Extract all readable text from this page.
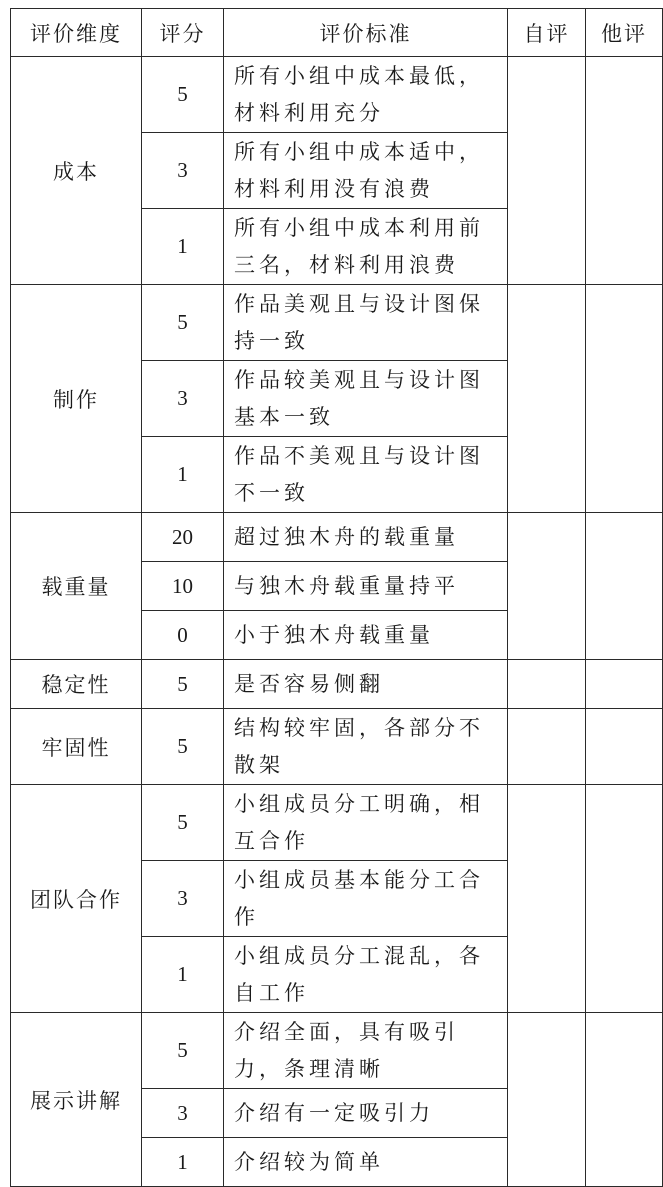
评价维度	评分	评价标准	自评	他评
成本	5	所有小组中成本最低，材料利用充分		
	3	所有小组中成本适中，材料利用没有浪费		
	1	所有小组中成本利用前三名，材料利用浪费		
制作	5	作品美观且与设计图保持一致		
	3	作品较美观且与设计图基本一致		
	1	作品不美观且与设计图不一致		
载重量	20	超过独木舟的载重量		
	10	与独木舟载重量持平		
	0	小于独木舟载重量		
稳定性	5	是否容易侧翻		
牢固性	5	结构较牢固，各部分不散架		
团队合作	5	小组成员分工明确，相互合作		
	3	小组成员基本能分工合作		
	1	小组成员分工混乱，各自工作		
展示讲解	5	介绍全面，具有吸引力，条理清晰		
	3	介绍有一定吸引力		
	1	介绍较为简单		
